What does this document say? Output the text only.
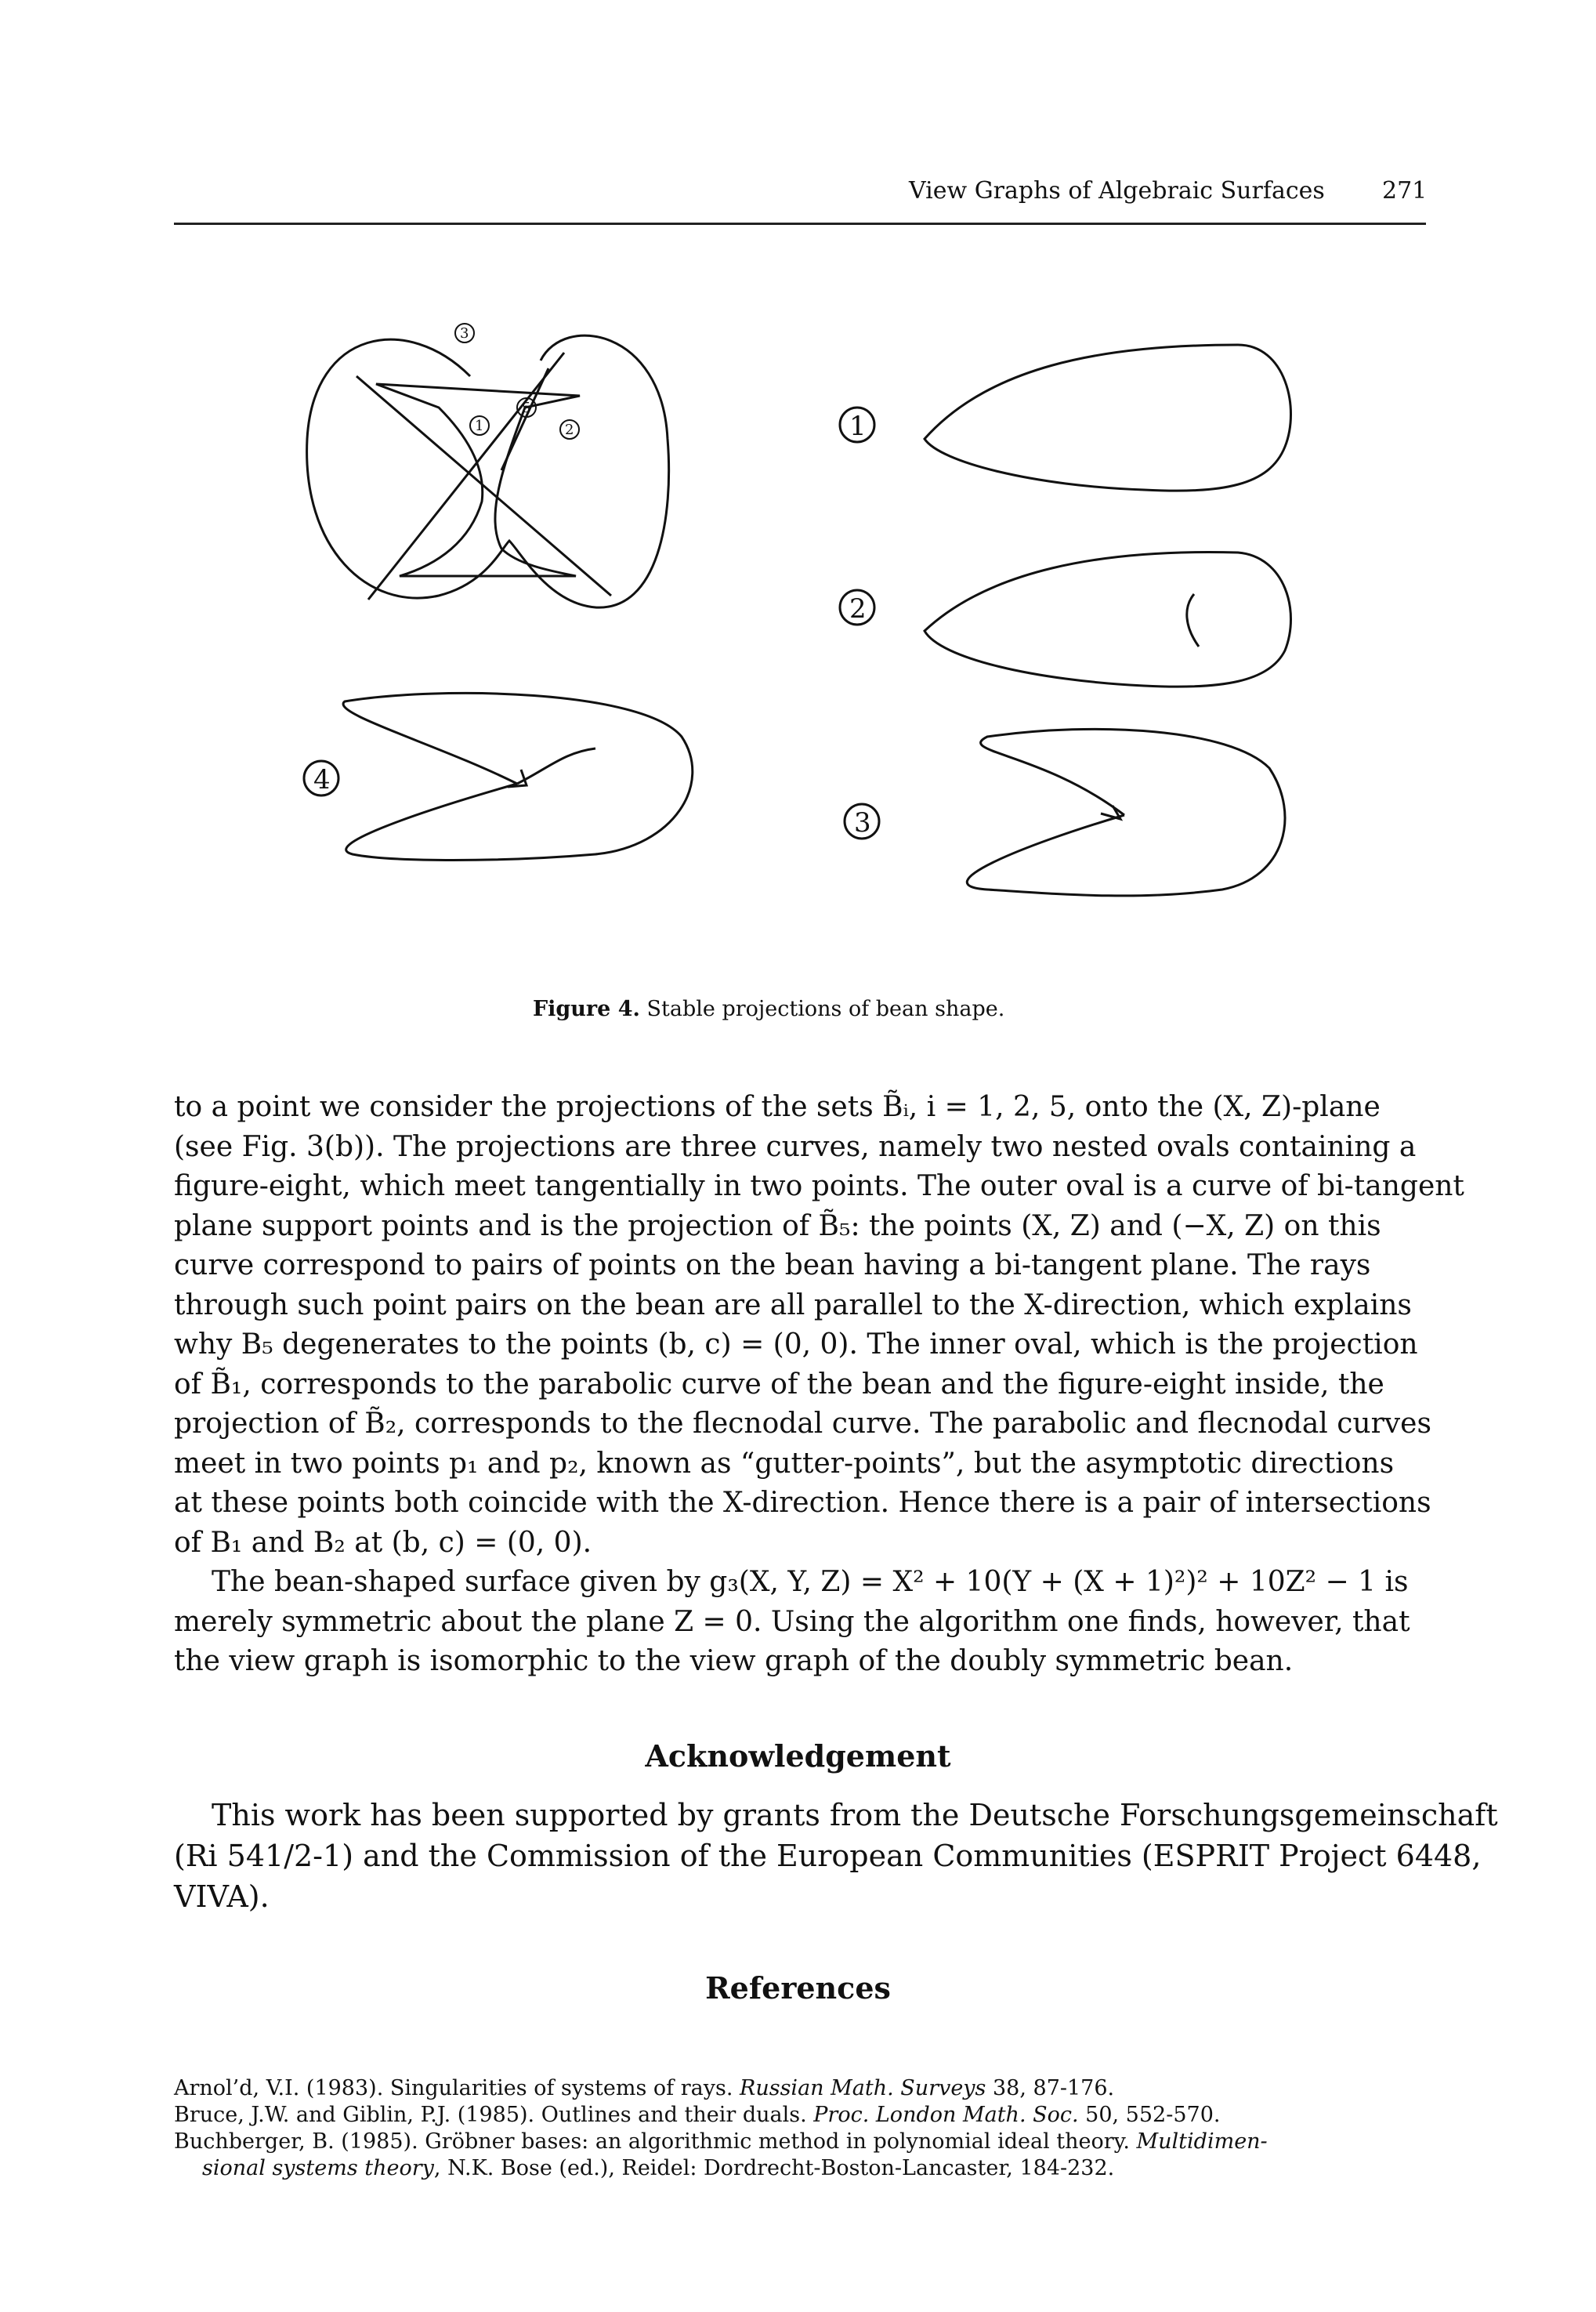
View Graphs of Algebraic Surfaces 271
3
1
5
2	1
2
3
4
Figure 4. Stable projections of bean shape.
to a point we consider the projections of the sets B̃ᵢ, i = 1, 2, 5, onto the (X, Z)-plane
(see Fig. 3(b)). The projections are three curves, namely two nested ovals containing a
figure-eight, which meet tangentially in two points. The outer oval is a curve of bi-tangent
plane support points and is the projection of B̃₅: the points (X, Z) and (−X, Z) on this
curve correspond to pairs of points on the bean having a bi-tangent plane. The rays
through such point pairs on the bean are all parallel to the X-direction, which explains
why B₅ degenerates to the points (b, c) = (0, 0). The inner oval, which is the projection
of B̃₁, corresponds to the parabolic curve of the bean and the figure-eight inside, the
projection of B̃₂, corresponds to the flecnodal curve. The parabolic and flecnodal curves
meet in two points p₁ and p₂, known as “gutter-points”, but the asymptotic directions
at these points both coincide with the X-direction. Hence there is a pair of intersections
of B₁ and B₂ at (b, c) = (0, 0).
The bean-shaped surface given by g₃(X, Y, Z) = X² + 10(Y + (X + 1)²)² + 10Z² − 1 is
merely symmetric about the plane Z = 0. Using the algorithm one finds, however, that
the view graph is isomorphic to the view graph of the doubly symmetric bean.
Acknowledgement
This work has been supported by grants from the Deutsche Forschungsgemeinschaft
(Ri 541/2-1) and the Commission of the European Communities (ESPRIT Project 6448,
VIVA).
References
Arnol’d, V.I. (1983). Singularities of systems of rays. Russian Math. Surveys 38, 87-176.
Bruce, J.W. and Giblin, P.J. (1985). Outlines and their duals. Proc. London Math. Soc. 50, 552-570.
Buchberger, B. (1985). Gröbner bases: an algorithmic method in polynomial ideal theory. Multidimen-
sional systems theory, N.K. Bose (ed.), Reidel: Dordrecht-Boston-Lancaster, 184-232.
